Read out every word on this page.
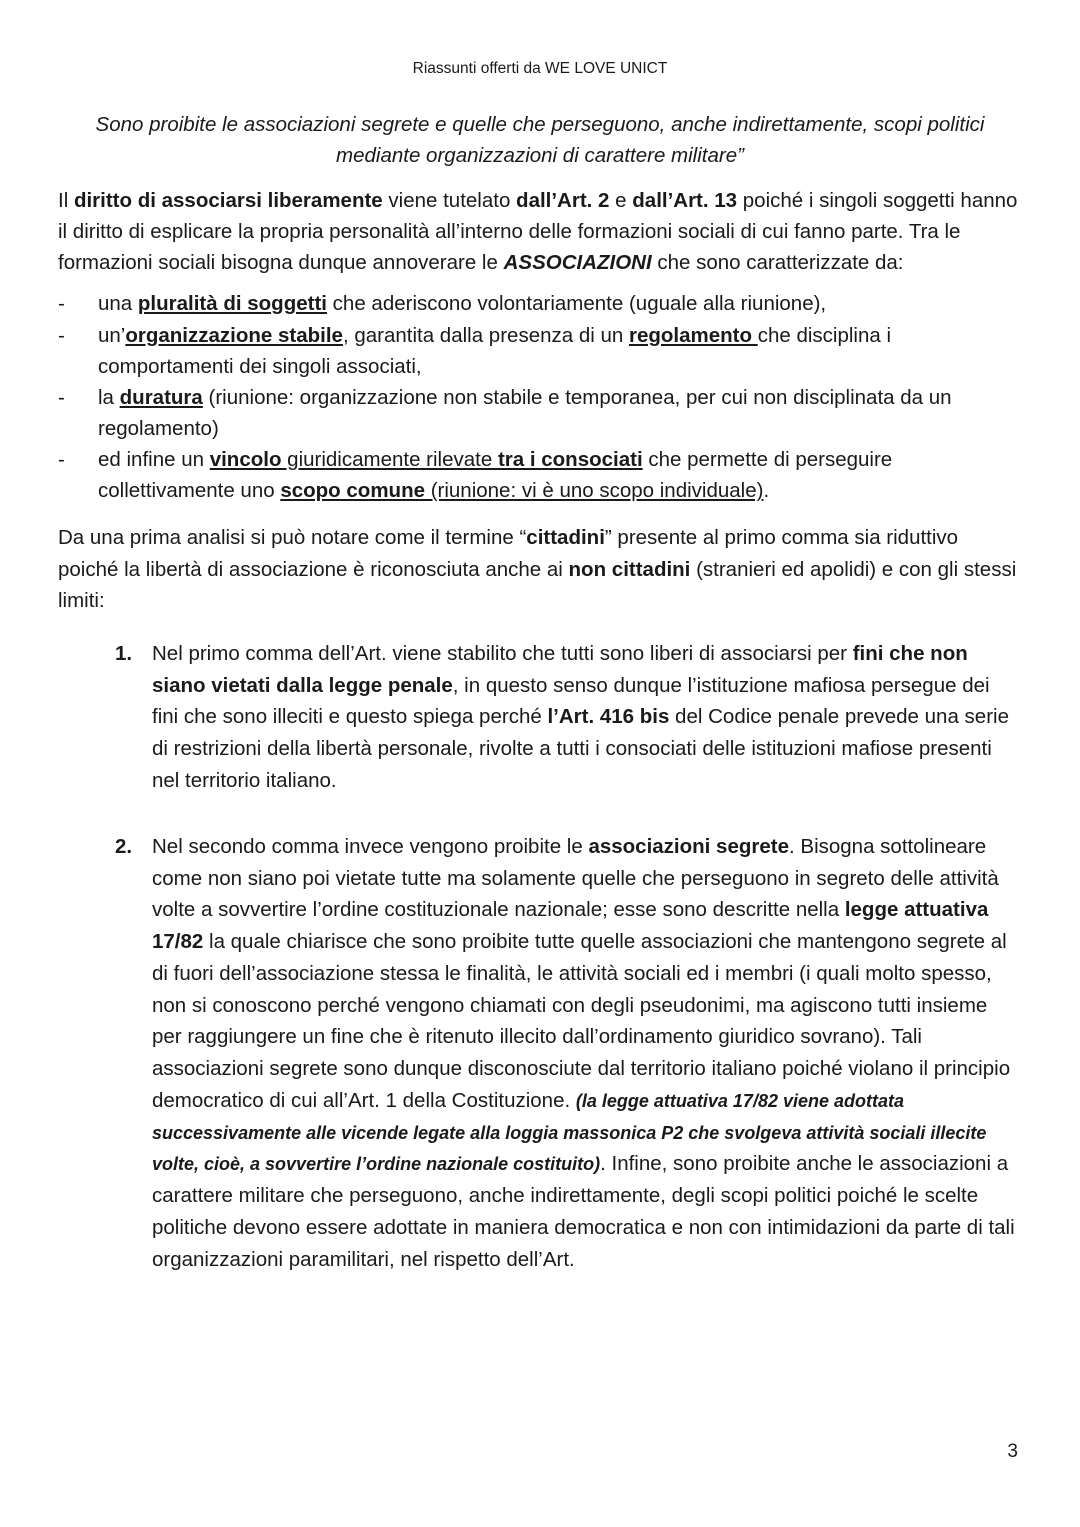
Riassunti offerti da WE LOVE UNICT
Sono proibite le associazioni segrete e quelle che perseguono, anche indirettamente, scopi politici mediante organizzazioni di carattere militare”
Il diritto di associarsi liberamente viene tutelato dall’Art. 2 e dall’Art. 13 poiché i singoli soggetti hanno il diritto di esplicare la propria personalità all’interno delle formazioni sociali di cui fanno parte. Tra le formazioni sociali bisogna dunque annoverare le ASSOCIAZIONI che sono caratterizzate da:
-	una pluralità di soggetti che aderiscono volontariamente (uguale alla riunione),
-	un’organizzazione stabile, garantita dalla presenza di un regolamento che disciplina i comportamenti dei singoli associati,
-	la duratura (riunione: organizzazione non stabile e temporanea, per cui non disciplinata da un regolamento)
-	ed infine un vincolo giuridicamente rilevate tra i consociati che permette di perseguire collettivamente uno scopo comune (riunione: vi è uno scopo individuale).
Da una prima analisi si può notare come il termine “cittadini” presente al primo comma sia riduttivo poiché la libertà di associazione è riconosciuta anche ai non cittadini (stranieri ed apolidi) e con gli stessi limiti:
1. Nel primo comma dell’Art. viene stabilito che tutti sono liberi di associarsi per fini che non siano vietati dalla legge penale, in questo senso dunque l’istituzione mafiosa persegue dei fini che sono illeciti e questo spiega perché l’Art. 416 bis del Codice penale prevede una serie di restrizioni della libertà personale, rivolte a tutti i consociati delle istituzioni mafiose presenti nel territorio italiano.
2. Nel secondo comma invece vengono proibite le associazioni segrete. Bisogna sottolineare come non siano poi vietate tutte ma solamente quelle che perseguono in segreto delle attività volte a sovvertire l’ordine costituzionale nazionale; esse sono descritte nella legge attuativa 17/82 la quale chiarisce che sono proibite tutte quelle associazioni che mantengono segrete al di fuori dell’associazione stessa le finalità, le attività sociali ed i membri (i quali molto spesso, non si conoscono perché vengono chiamati con degli pseudonimi, ma agiscono tutti insieme per raggiungere un fine che è ritenuto illecito dall’ordinamento giuridico sovrano). Tali associazioni segrete sono dunque disconosciute dal territorio italiano poiché violano il principio democratico di cui all’Art. 1 della Costituzione. (la legge attuativa 17/82 viene adottata successivamente alle vicende legate alla loggia massonica P2 che svolgeva attività sociali illecite volte, cioè, a sovvertire l’ordine nazionale costituito). Infine, sono proibite anche le associazioni a carattere militare che perseguono, anche indirettamente, degli scopi politici poiché le scelte politiche devono essere adottate in maniera democratica e non con intimidazioni da parte di tali organizzazioni paramilitari, nel rispetto dell’Art.
3
